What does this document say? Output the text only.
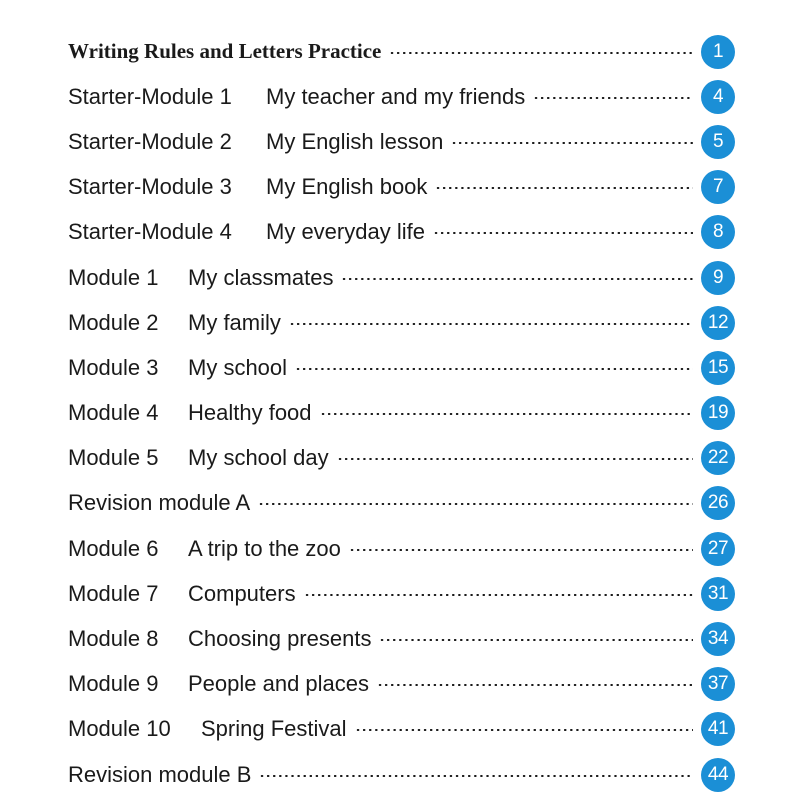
Writing Rules and Letters Practice	1
Starter-Module 1	My teacher and my friends	4
Starter-Module 2	My English lesson	5
Starter-Module 3	My English book	7
Starter-Module 4	My everyday life	8
Module 1	My classmates	9
Module 2	My family	12
Module 3	My school	15
Module 4	Healthy food	19
Module 5	My school day	22
Revision module A	26
Module 6	A trip to the zoo	27
Module 7	Computers	31
Module 8	Choosing presents	34
Module 9	People and places	37
Module 10	Spring Festival	41
Revision module B	44
